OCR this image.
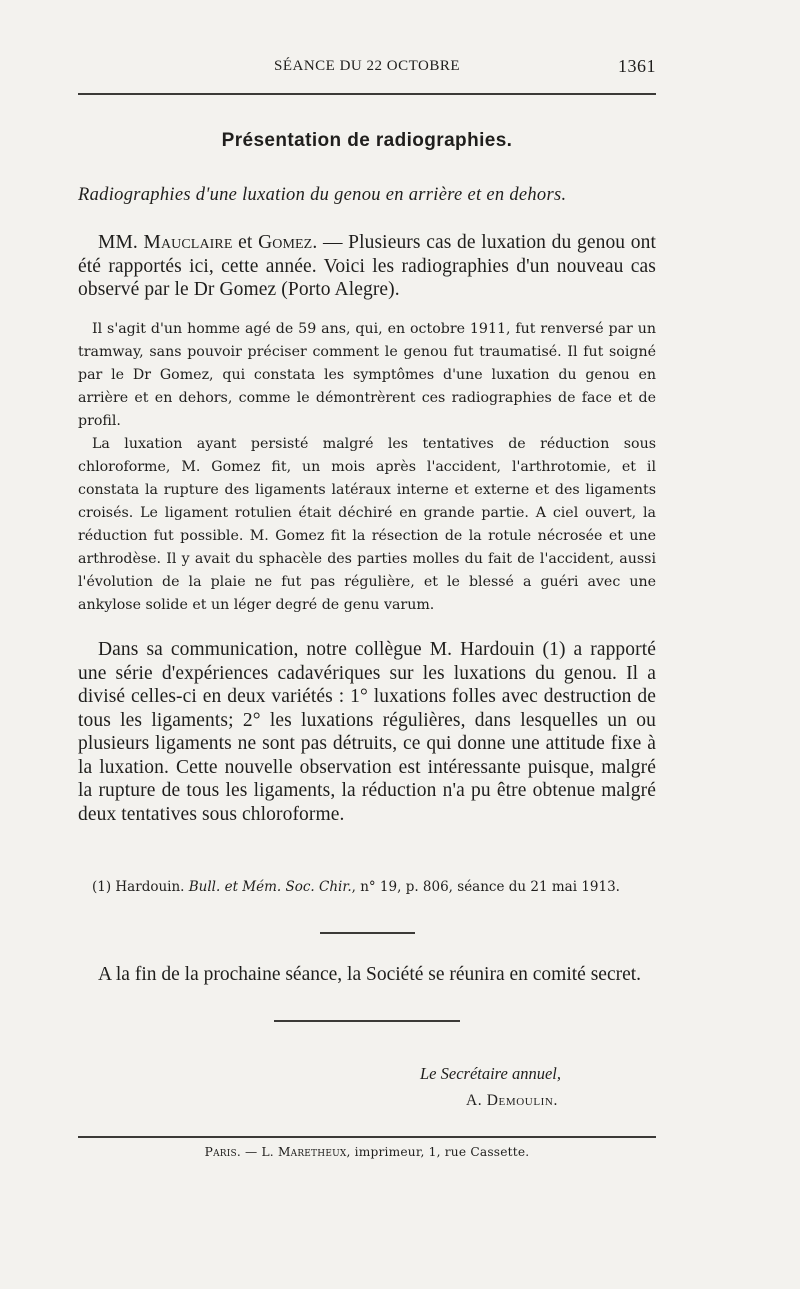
SÉANCE DU 22 OCTOBRE	1361
Présentation de radiographies.
Radiographies d'une luxation du genou en arrière et en dehors.
MM. Mauclaire et Gomez. — Plusieurs cas de luxation du genou ont été rapportés ici, cette année. Voici les radiographies d'un nouveau cas observé par le Dr Gomez (Porto Alegre).

Il s'agit d'un homme agé de 59 ans, qui, en octobre 1911, fut renversé par un tramway, sans pouvoir préciser comment le genou fut traumatisé. Il fut soigné par le Dr Gomez, qui constata les symptômes d'une luxation du genou en arrière et en dehors, comme le démontrèrent ces radiographies de face et de profil.

La luxation ayant persisté malgré les tentatives de réduction sous chloroforme, M. Gomez fit, un mois après l'accident, l'arthrotomie, et il constata la rupture des ligaments latéraux interne et externe et des ligaments croisés. Le ligament rotulien était déchiré en grande partie. A ciel ouvert, la réduction fut possible. M. Gomez fit la résection de la rotule nécrosée et une arthrodèse. Il y avait du sphacèle des parties molles du fait de l'accident, aussi l'évolution de la plaie ne fut pas régulière, et le blessé a guéri avec une ankylose solide et un léger degré de genu varum.

Dans sa communication, notre collègue M. Hardouin (1) a rapporté une série d'expériences cadavériques sur les luxations du genou. Il a divisé celles-ci en deux variétés : 1° luxations folles avec destruction de tous les ligaments; 2° les luxations régulières, dans lesquelles un ou plusieurs ligaments ne sont pas détruits, ce qui donne une attitude fixe à la luxation. Cette nouvelle observation est intéressante puisque, malgré la rupture de tous les ligaments, la réduction n'a pu être obtenue malgré deux tentatives sous chloroforme.
(1) Hardouin. Bull. et Mém. Soc. Chir., n° 19, p. 806, séance du 21 mai 1913.
A la fin de la prochaine séance, la Société se réunira en comité secret.
Le Secrétaire annuel,
A. Demoulin.
Paris. — L. Maretheux, imprimeur, 1, rue Cassette.
